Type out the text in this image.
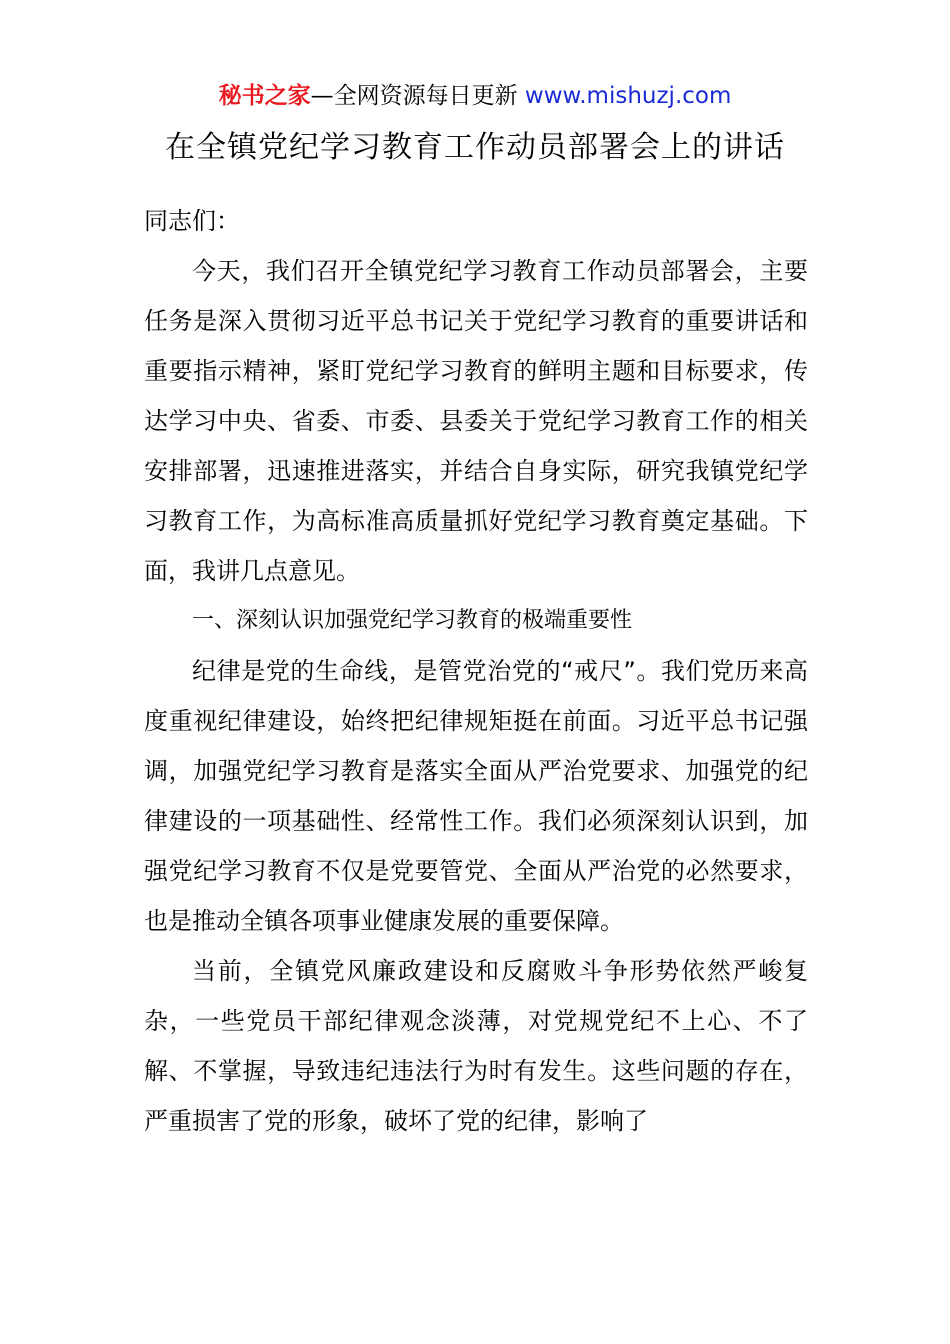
秘书之家—全网资源每日更新 www.mishuzj.com
在全镇党纪学习教育工作动员部署会上的讲话

同志们：

今天，我们召开全镇党纪学习教育工作动员部署会，主要任务是深入贯彻习近平总书记关于党纪学习教育的重要讲话和重要指示精神，紧盯党纪学习教育的鲜明主题和目标要求，传达学习中央、省委、市委、县委关于党纪学习教育工作的相关安排部署，迅速推进落实，并结合自身实际，研究我镇党纪学习教育工作，为高标准高质量抓好党纪学习教育奠定基础。下面，我讲几点意见。

一、深刻认识加强党纪学习教育的极端重要性

纪律是党的生命线，是管党治党的“戒尺”。我们党历来高度重视纪律建设，始终把纪律规矩挺在前面。习近平总书记强调，加强党纪学习教育是落实全面从严治党要求、加强党的纪律建设的一项基础性、经常性工作。我们必须深刻认识到，加强党纪学习教育不仅是党要管党、全面从严治党的必然要求，也是推动全镇各项事业健康发展的重要保障。

当前，全镇党风廉政建设和反腐败斗争形势依然严峻复杂，一些党员干部纪律观念淡薄，对党规党纪不上心、不了解、不掌握，导致违纪违法行为时有发生。这些问题的存在，严重损害了党的形象，破坏了党的纪律，影响了
